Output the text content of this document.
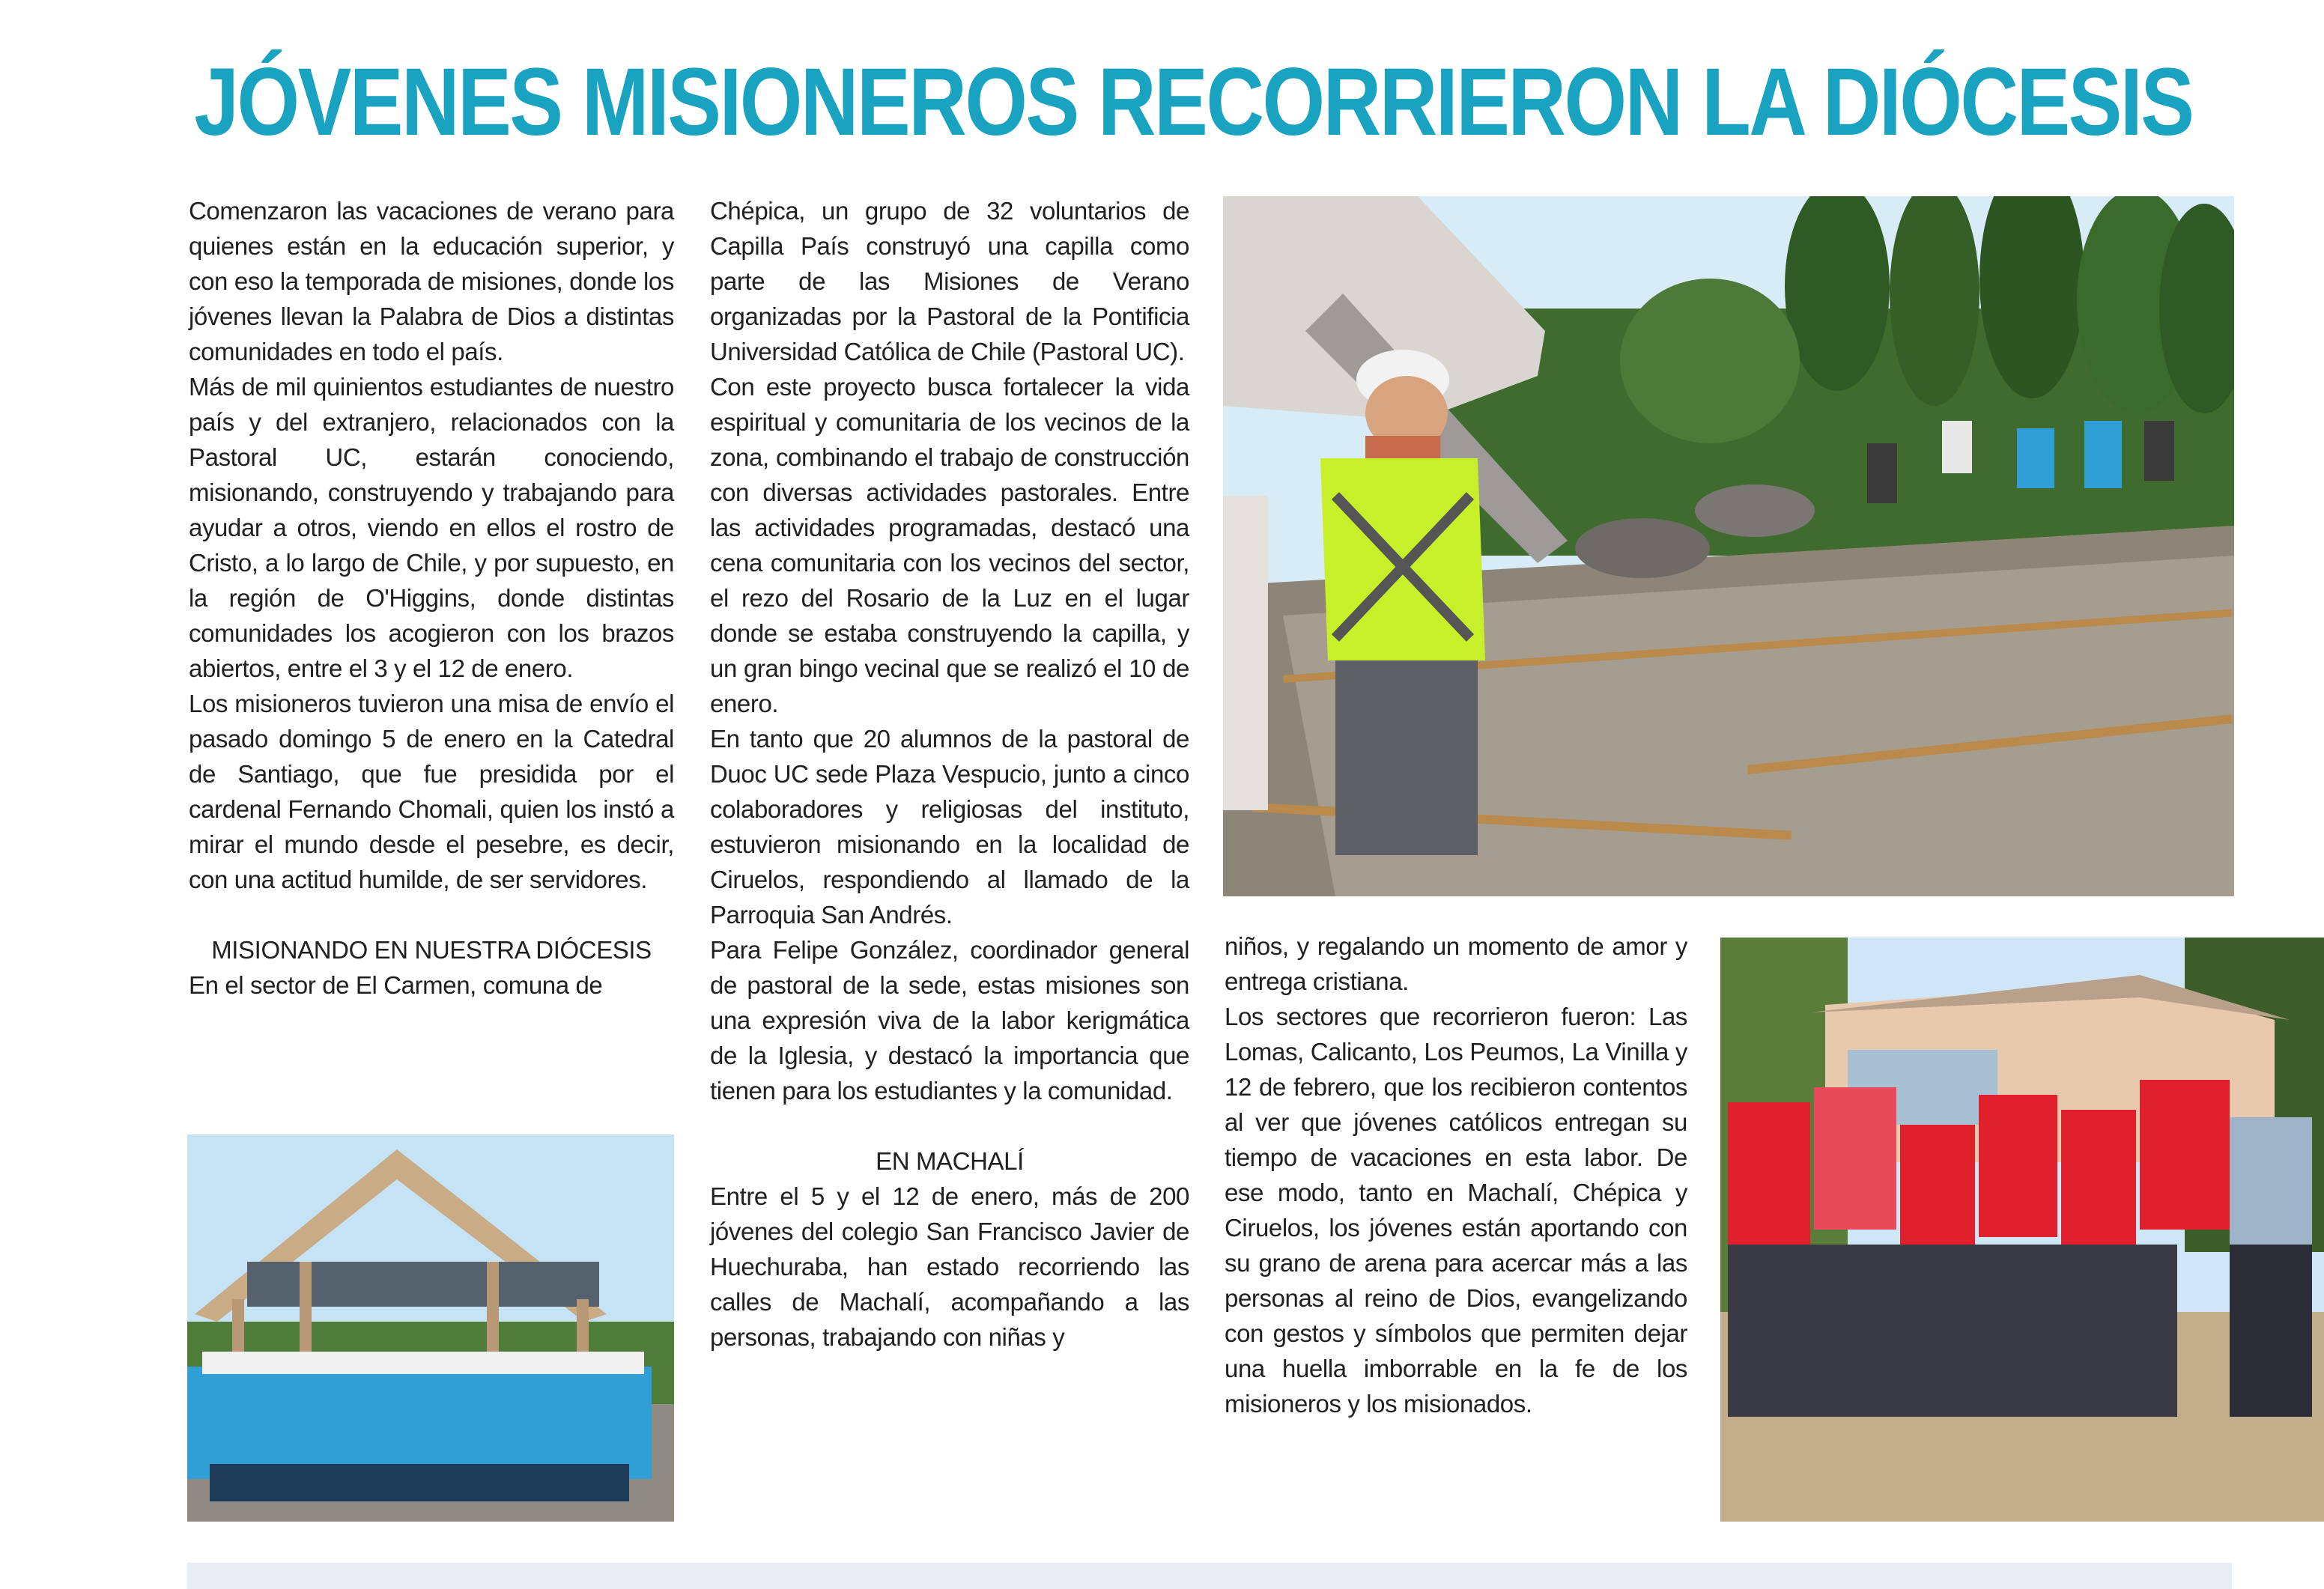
JÓVENES MISIONEROS RECORRIERON LA DIÓCESIS

Comenzaron las vacaciones de verano para quienes están en la educación superior, y con eso la temporada de misiones, donde los jóvenes llevan la Palabra de Dios a distintas comunidades en todo el país.

Más de mil quinientos estudiantes de nuestro país y del extranjero, relacionados con la Pastoral UC, estarán conociendo, misionando, construyendo y trabajando para ayudar a otros, viendo en ellos el rostro de Cristo, a lo largo de Chile, y por supuesto, en la región de O'Higgins, donde distintas comunidades los acogieron con los brazos abiertos, entre el 3 y el 12 de enero.

Los misioneros tuvieron una misa de envío el pasado domingo 5 de enero en la Catedral de Santiago, que fue presidida por el cardenal Fernando Chomali, quien los instó a mirar el mundo desde el pesebre, es decir, con una actitud humilde, de ser servidores.

MISIONANDO EN NUESTRA DIÓCESIS

En el sector de El Carmen, comuna de

Chépica, un grupo de 32 voluntarios de Capilla País construyó una capilla como parte de las Misiones de Verano organizadas por la Pastoral de la Pontificia Universidad Católica de Chile (Pastoral UC).

Con este proyecto busca fortalecer la vida espiritual y comunitaria de los vecinos de la zona, combinando el trabajo de construcción con diversas actividades pastorales. Entre las actividades programadas, destacó una cena comunitaria con los vecinos del sector, el rezo del Rosario de la Luz en el lugar donde se estaba construyendo la capilla, y un gran bingo vecinal que se realizó el 10 de enero.

En tanto que 20 alumnos de la pastoral de Duoc UC sede Plaza Vespucio, junto a cinco colaboradores y religiosas del instituto, estuvieron misionando en la localidad de Ciruelos, respondiendo al llamado de la Parroquia San Andrés.

Para Felipe González, coordinador general de pastoral de la sede, estas misiones son una expresión viva de la labor kerigmática de la Iglesia, y destacó la importancia que tienen para los estudiantes y la comunidad.

EN MACHALÍ

Entre el 5 y el 12 de enero, más de 200 jóvenes del colegio San Francisco Javier de Huechuraba, han estado recorriendo las calles de Machalí, acompañando a las personas, trabajando con niñas y

niños, y regalando un momento de amor y entrega cristiana.

Los sectores que recorrieron fueron: Las Lomas, Calicanto, Los Peumos, La Vinilla y 12 de febrero, que los recibieron contentos al ver que jóvenes católicos entregan su tiempo de vacaciones en esta labor. De ese modo, tanto en Machalí, Chépica y Ciruelos, los jóvenes están aportando con su grano de arena para acercar más a las personas al reino de Dios, evangelizando con gestos y símbolos que permiten dejar una huella imborrable en la fe de los misioneros y los misionados.
